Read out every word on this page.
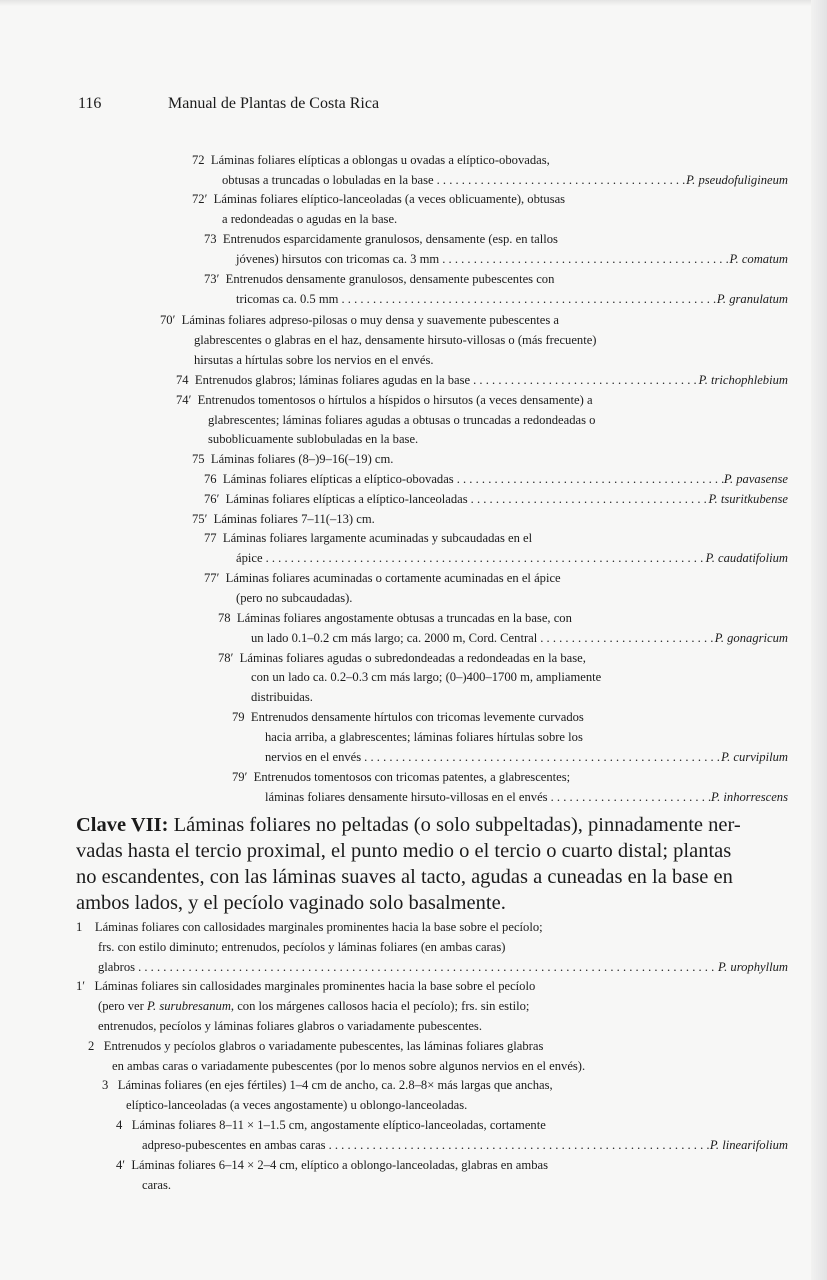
116	Manual de Plantas de Costa Rica
72 Láminas foliares elípticas a oblongas u ovadas a elíptico-obovadas,
obtusas a truncadas o lobuladas en la base . . .	P. pseudofuligineum
72′ Láminas foliares elíptico-lanceoladas (a veces oblicuamente), obtusas
a redondeadas o agudas en la base.
73 Entrenudos esparcidamente granulosos, densamente (esp. en tallos
jóvenes) hirsutos con tricomas ca. 3 mm . . .	P. comatum
73′ Entrenudos densamente granulosos, densamente pubescentes con
tricomas ca. 0.5 mm . . .	P. granulatum
70′ Láminas foliares adpreso-pilosas o muy densa y suavemente pubescentes a
glabrescentes o glabras en el haz, densamente hirsuto-villosas o (más frecuente)
hirsutas a hírtulas sobre los nervios en el envés.
74
Entrenudos glabros; láminas foliares agudas en la base . . .	P. trichophlebium
74′ Entrenudos tomentosos o hírtulos a híspidos o hirsutos (a veces densamente) a
glabrescentes; láminas foliares agudas a obtusas o truncadas a redondeadas o
suboblicuamente sublobuladas en la base.
75 Láminas foliares (8–)9–16(–19) cm.
76
Láminas foliares elípticas a elíptico-obovadas . . .	P. pavasense
76′
Láminas foliares elípticas a elíptico-lanceoladas . . .	P. tsuritkubense
75′ Láminas foliares 7–11(–13) cm.
77 Láminas foliares largamente acuminadas y subcaudadas en el
ápice . . .	P. caudatifolium
77′ Láminas foliares acuminadas o cortamente acuminadas en el ápice
(pero no subcaudadas).
78 Láminas foliares angostamente obtusas a truncadas en la base, con
un lado 0.1–0.2 cm más largo; ca. 2000 m, Cord. Central . . .	P. gonagricum
78′ Láminas foliares agudas o subredondeadas a redondeadas en la base,
con un lado ca. 0.2–0.3 cm más largo; (0–)400–1700 m, ampliamente
distribuidas.
79 Entrenudos densamente hírtulos con tricomas levemente curvados
hacia arriba, a glabrescentes; láminas foliares hírtulas sobre los
nervios en el envés . . .	P. curvipilum
79′ Entrenudos tomentosos con tricomas patentes, a glabrescentes;
láminas foliares densamente hirsuto-villosas en el envés . . .	P. inhorrescens
Clave VII: Láminas foliares no peltadas (o solo subpeltadas), pinnadamente ner-
vadas hasta el tercio proximal, el punto medio o el tercio o cuarto distal; plantas
no escandentes, con las láminas suaves al tacto, agudas a cuneadas en la base en
ambos lados, y el pecíolo vaginado solo basalmente.
1 Láminas foliares con callosidades marginales prominentes hacia la base sobre el pecíolo;
frs. con estilo diminuto; entrenudos, pecíolos y láminas foliares (en ambas caras)
glabros . . .	P. urophyllum
1′ Láminas foliares sin callosidades marginales prominentes hacia la base sobre el pecíolo
(pero ver P. surubresanum, con los márgenes callosos hacia el pecíolo); frs. sin estilo;
entrenudos, pecíolos y láminas foliares glabros o variadamente pubescentes.
2 Entrenudos y pecíolos glabros o variadamente pubescentes, las láminas foliares glabras
en ambas caras o variadamente pubescentes (por lo menos sobre algunos nervios en el envés).
3 Láminas foliares (en ejes fértiles) 1–4 cm de ancho, ca. 2.8–8× más largas que anchas,
elíptico-lanceoladas (a veces angostamente) u oblongo-lanceoladas.
4 Láminas foliares 8–11 × 1–1.5 cm, angostamente elíptico-lanceoladas, cortamente
adpreso-pubescentes en ambas caras . . .	P. linearifolium
4′ Láminas foliares 6–14 × 2–4 cm, elíptico a oblongo-lanceoladas, glabras en ambas
caras.
